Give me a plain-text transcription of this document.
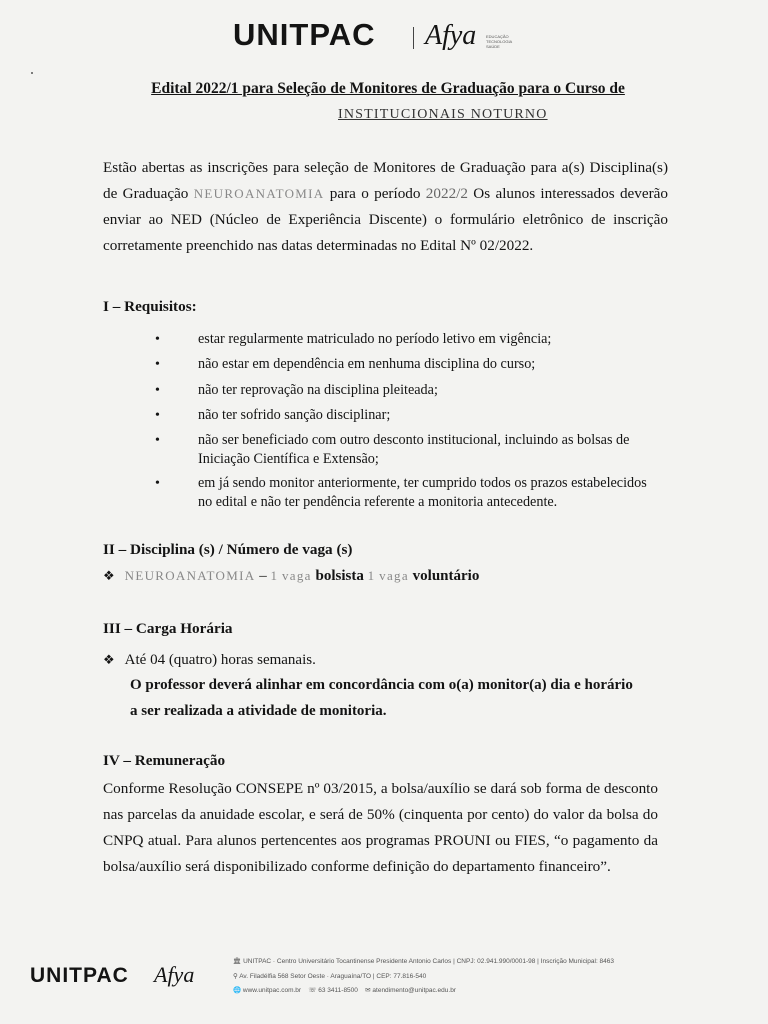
UNITPAC Afya EDUCAÇÃO TECNOLOGIA SAÚDE
Edital 2022/1 para Seleção de Monitores de Graduação para o Curso de
INSTITUCIONAIS NOTURNO
Estão abertas as inscrições para seleção de Monitores de Graduação para a(s) Disciplina(s) de Graduação NEUROANATOMIA para o período 2022/2 Os alunos interessados deverão enviar ao NED (Núcleo de Experiência Discente) o formulário eletrônico de inscrição corretamente preenchido nas datas determinadas no Edital Nº 02/2022.
I – Requisitos:
•	estar regularmente matriculado no período letivo em vigência;
•	não estar em dependência em nenhuma disciplina do curso;
•	não ter reprovação na disciplina pleiteada;
•	não ter sofrido sanção disciplinar;
•	não ser beneficiado com outro desconto institucional, incluindo as bolsas de Iniciação Científica e Extensão;
•	em já sendo monitor anteriormente, ter cumprido todos os prazos estabelecidos no edital e não ter pendência referente a monitoria antecedente.
II – Disciplina (s) / Número de vaga (s)
❖ NEUROANATOMIA – 1 vaga bolsista 1 vaga voluntário
III – Carga Horária
❖ Até 04 (quatro) horas semanais.
O professor deverá alinhar em concordância com o(a) monitor(a) dia e horário
a ser realizada a atividade de monitoria.
IV – Remuneração
Conforme Resolução CONSEPE nº 03/2015, a bolsa/auxílio se dará sob forma de desconto nas parcelas da anuidade escolar, e será de 50% (cinquenta por cento) do valor da bolsa do CNPQ atual. Para alunos pertencentes aos programas PROUNI ou FIES, “o pagamento da bolsa/auxílio será disponibilizado conforme definição do departamento financeiro”.
UNITPAC Afya
🏛 UNITPAC · Centro Universitário Tocantinense Presidente Antonio Carlos | CNPJ: 02.941.990/0001-98 | Inscrição Municipal: 8463
⚲ Av. Filadélfia 568 Setor Oeste · Araguaína/TO | CEP: 77.816-540
🌐 www.unitpac.com.br ☏ 63 3411-8500 ✉ atendimento@unitpac.edu.br
